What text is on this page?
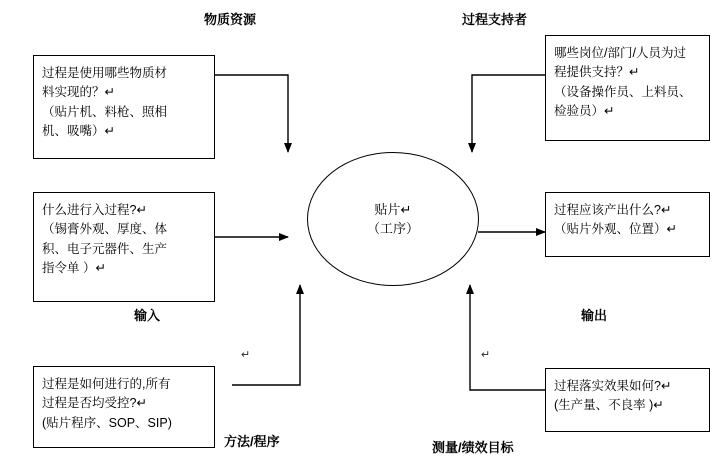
物质资源	过程支持者
输入	输出
方法/程序	测量/绩效目标

过程是使用哪些物质材

料实现的？↵

（贴片机、料枪、照相

机、吸嘴）↵

哪些岗位/部门/人员为过

程提供支持？↵

（设备操作员、上料员、

检验员）↵

什么进行入过程?↵

（锡膏外观、厚度、体

积、电子元器件、生产

指令单 ）↵

过程应该产出什么?↵

（贴片外观、位置）↵

过程是如何进行的,所有

过程是否均受控?↵

(贴片程序、SOP、SIP)

过程落实效果如何?↵

(生产量、不良率 )↵

贴片↵

（工序）

↵	↵
